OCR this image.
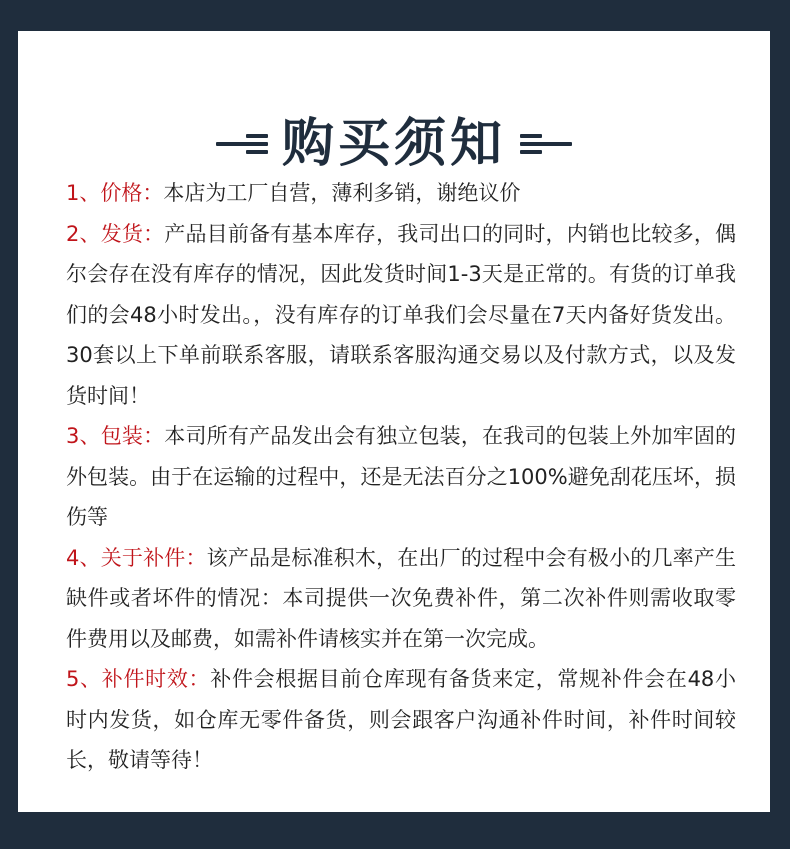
购买须知

1、价格：本店为工厂自营，薄利多销，谢绝议价

2、发货：产品目前备有基本库存，我司出口的同时，内销也比较多，偶尔会存在没有库存的情况，因此发货时间1-3天是正常的。有货的订单我们的会48小时发出。，没有库存的订单我们会尽量在7天内备好货发出。30套以上下单前联系客服，请联系客服沟通交易以及付款方式，以及发货时间！

3、包装：本司所有产品发出会有独立包装，在我司的包装上外加牢固的外包装。由于在运输的过程中，还是无法百分之100%避免刮花压坏，损伤等

4、关于补件：该产品是标准积木，在出厂的过程中会有极小的几率产生缺件或者坏件的情况：本司提供一次免费补件，第二次补件则需收取零件费用以及邮费，如需补件请核实并在第一次完成。

5、补件时效：补件会根据目前仓库现有备货来定，常规补件会在48小时内发货，如仓库无零件备货，则会跟客户沟通补件时间，补件时间较长，敬请等待！
